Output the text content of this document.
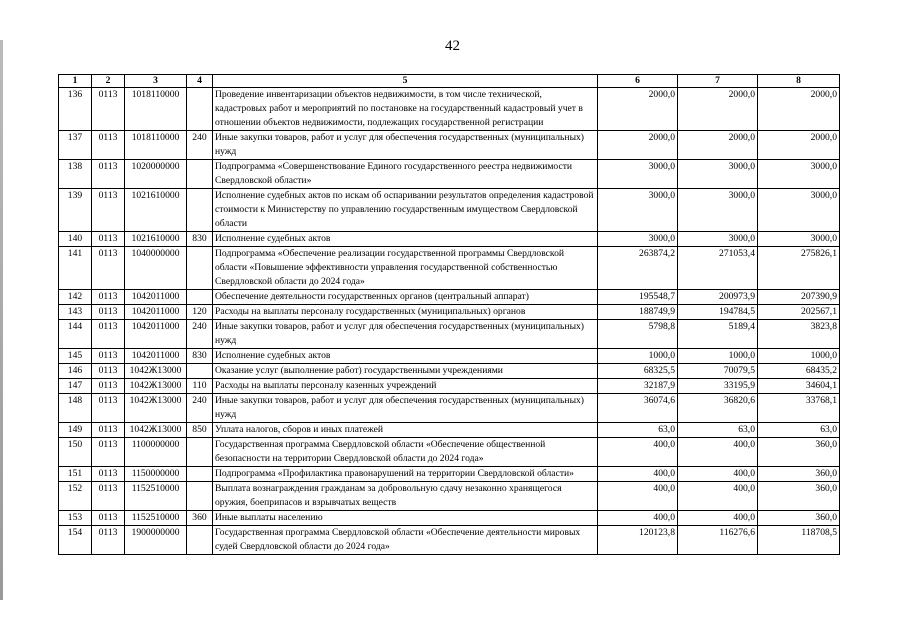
42
1	2	3	4	5	6	7	8
136	0113	1018110000		Проведение инвентаризации объектов недвижимости, в том числе технической, кадастровых работ и мероприятий по постановке на государственный кадастровый учет в отношении объектов недвижимости, подлежащих государственной регистрации	2000,0	2000,0	2000,0
137	0113	1018110000	240	Иные закупки товаров, работ и услуг для обеспечения государственных (муниципальных) нужд	2000,0	2000,0	2000,0
138	0113	1020000000		Подпрограмма «Совершенствование Единого государственного реестра недвижимости Свердловской области»	3000,0	3000,0	3000,0
139	0113	1021610000		Исполнение судебных актов по искам об оспаривании результатов определения кадастровой стоимости к Министерству по управлению государственным имуществом Свердловской области	3000,0	3000,0	3000,0
140	0113	1021610000	830	Исполнение судебных актов	3000,0	3000,0	3000,0
141	0113	1040000000		Подпрограмма «Обеспечение реализации государственной программы Свердловской области «Повышение эффективности управления государственной собственностью Свердловской области до 2024 года»	263874,2	271053,4	275826,1
142	0113	1042011000		Обеспечение деятельности государственных органов (центральный аппарат)	195548,7	200973,9	207390,9
143	0113	1042011000	120	Расходы на выплаты персоналу государственных (муниципальных) органов	188749,9	194784,5	202567,1
144	0113	1042011000	240	Иные закупки товаров, работ и услуг для обеспечения государственных (муниципальных) нужд	5798,8	5189,4	3823,8
145	0113	1042011000	830	Исполнение судебных актов	1000,0	1000,0	1000,0
146	0113	1042Ж13000		Оказание услуг (выполнение работ) государственными учреждениями	68325,5	70079,5	68435,2
147	0113	1042Ж13000	110	Расходы на выплаты персоналу казенных учреждений	32187,9	33195,9	34604,1
148	0113	1042Ж13000	240	Иные закупки товаров, работ и услуг для обеспечения государственных (муниципальных) нужд	36074,6	36820,6	33768,1
149	0113	1042Ж13000	850	Уплата налогов, сборов и иных платежей	63,0	63,0	63,0
150	0113	1100000000		Государственная программа Свердловской области «Обеспечение общественной безопасности на территории Свердловской области до 2024 года»	400,0	400,0	360,0
151	0113	1150000000		Подпрограмма «Профилактика правонарушений на территории Свердловской области»	400,0	400,0	360,0
152	0113	1152510000		Выплата вознаграждения гражданам за добровольную сдачу незаконно хранящегося оружия, боеприпасов и взрывчатых веществ	400,0	400,0	360,0
153	0113	1152510000	360	Иные выплаты населению	400,0	400,0	360,0
154	0113	1900000000		Государственная программа Свердловской области «Обеспечение деятельности мировых судей Свердловской области до 2024 года»	120123,8	116276,6	118708,5
